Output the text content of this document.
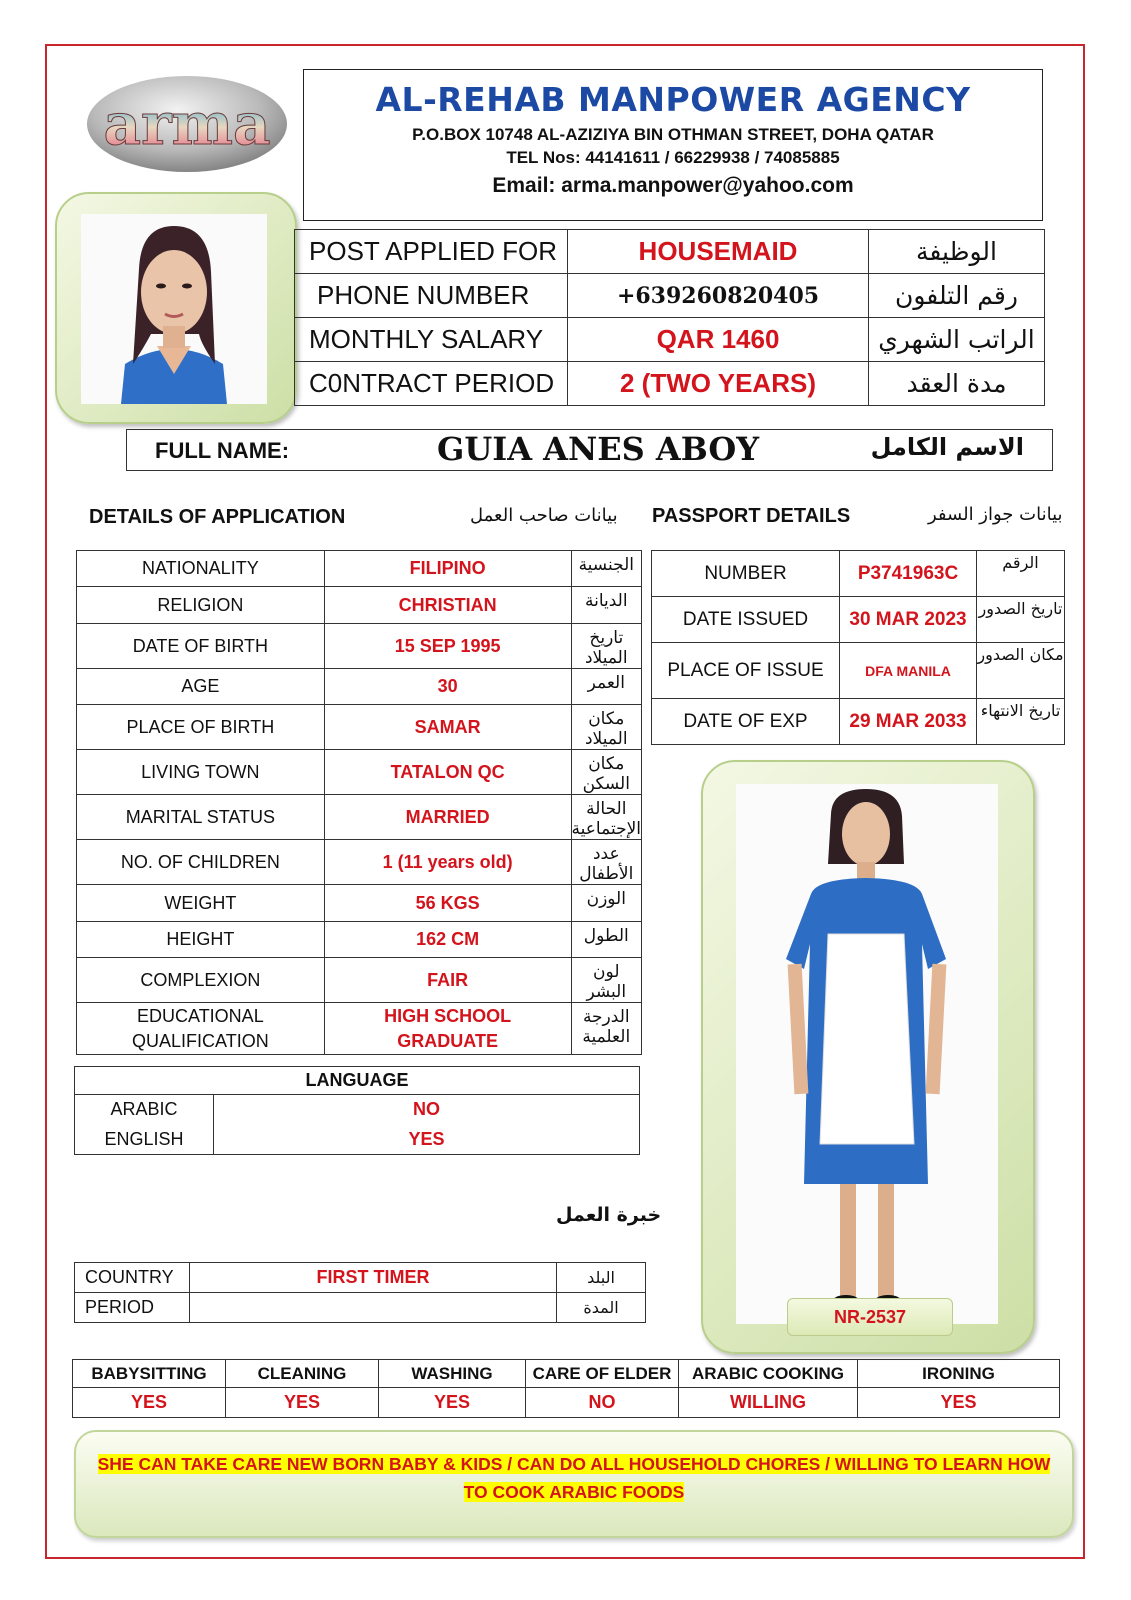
arma	AL-REHAB MANPOWER AGENCY
P.O.BOX 10748 AL-AZIZIYA BIN OTHMAN STREET, DOHA QATAR
TEL Nos: 44141611 / 66229938 / 74085885
Email: arma.manpower@yahoo.com
POST APPLIED FOR	HOUSEMAID	الوظيفة
PHONE NUMBER	+639260820405	رقم التلفون
MONTHLY SALARY	QAR 1460	الراتب الشهري
C0NTRACT PERIOD	2 (TWO YEARS)	مدة العقد
FULL NAME:	GUIA ANES ABOY	الاسم الكامل
DETAILS OF APPLICATION	بيانات صاحب العمل PASSPORT DETAILS	بيانات جواز السفر
NATIONALITY	FILIPINO	الجنسية
RELIGION	CHRISTIAN	الديانة
DATE OF BIRTH	15 SEP 1995	تاريخ الميلاد
AGE	30	العمر
PLACE OF BIRTH	SAMAR	مكان الميلاد
LIVING TOWN	TATALON QC	مكان السكن
MARITAL STATUS	MARRIED	الحالة الإجتماعية
NO. OF CHILDREN	1 (11 years old)	عدد الأطفال
WEIGHT	56 KGS	الوزن
HEIGHT	162 CM	الطول
COMPLEXION	FAIR	لون البشر
EDUCATIONAL QUALIFICATION	HIGH SCHOOL GRADUATE	الدرجة العلمية
NUMBER	P3741963C	الرقم
DATE ISSUED	30 MAR 2023	تاريخ الصدور
PLACE OF ISSUE	DFA MANILA	مكان الصدور
DATE OF EXP	29 MAR 2033	تاريخ الانتهاء
NR-2537
LANGUAGE	
ARABIC	NO
ENGLISH	YES
خبرة العمل
COUNTRY	FIRST TIMER	البلد
PERIOD		المدة
BABYSITTING	CLEANING	WASHING	CARE OF ELDER	ARABIC COOKING	IRONING
YES	YES	YES	NO	WILLING	YES
SHE CAN TAKE CARE NEW BORN BABY & KIDS / CAN DO ALL HOUSEHOLD CHORES / WILLING TO LEARN HOW
TO COOK ARABIC FOODS
